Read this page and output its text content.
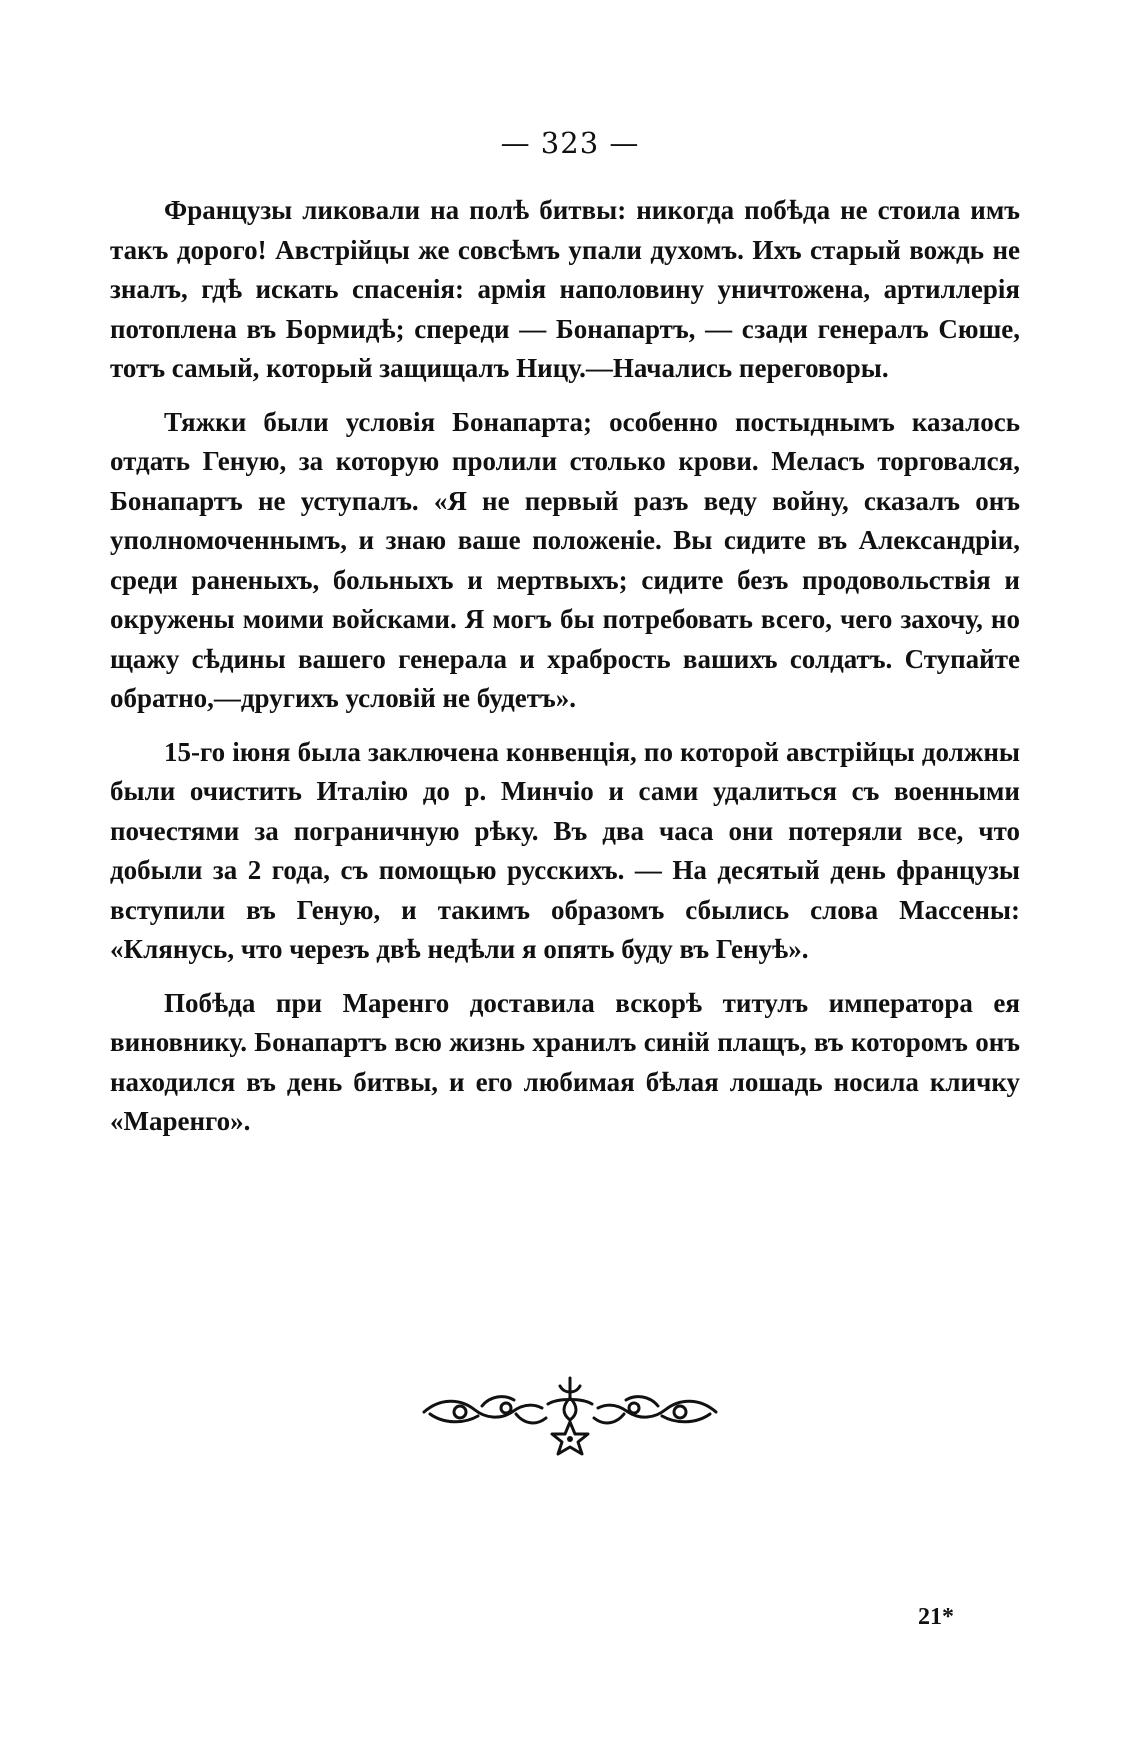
— 323 —

Французы ликовали на полѣ битвы: никогда побѣда не стоила имъ такъ дорого! Австрійцы же совсѣмъ упали духомъ. Ихъ старый вождь не зналъ, гдѣ искать спасенія: армія наполовину уничтожена, артиллерія потоплена въ Бормидѣ; спереди — Бонапартъ, — сзади генералъ Сюше, тотъ самый, который защищалъ Ницу.—Начались переговоры.

Тяжки были условія Бонапарта; особенно постыднымъ казалось отдать Геную, за которую пролили столько крови. Меласъ торговался, Бонапартъ не уступалъ. «Я не первый разъ веду войну, сказалъ онъ уполномоченнымъ, и знаю ваше положеніе. Вы сидите въ Александріи, среди раненыхъ, больныхъ и мертвыхъ; сидите безъ продовольствія и окружены моими войсками. Я могъ бы потребовать всего, чего захочу, но щажу сѣдины вашего генерала и храбрость вашихъ солдатъ. Ступайте обратно,—другихъ условій не будетъ».

15-го іюня была заключена конвенція, по которой австрійцы должны были очистить Италію до р. Минчіо и сами удалиться съ военными почестями за пограничную рѣку. Въ два часа они потеряли все, что добыли за 2 года, съ помощью русскихъ. — На десятый день французы вступили въ Геную, и такимъ образомъ сбылись слова Массены: «Клянусь, что черезъ двѣ недѣли я опять буду въ Генуѣ».

Побѣда при Маренго доставила вскорѣ титулъ императора ея виновнику. Бонапартъ всю жизнь хранилъ синій плащъ, въ которомъ онъ находился въ день битвы, и его любимая бѣлая лошадь носила кличку «Маренго».

21*
